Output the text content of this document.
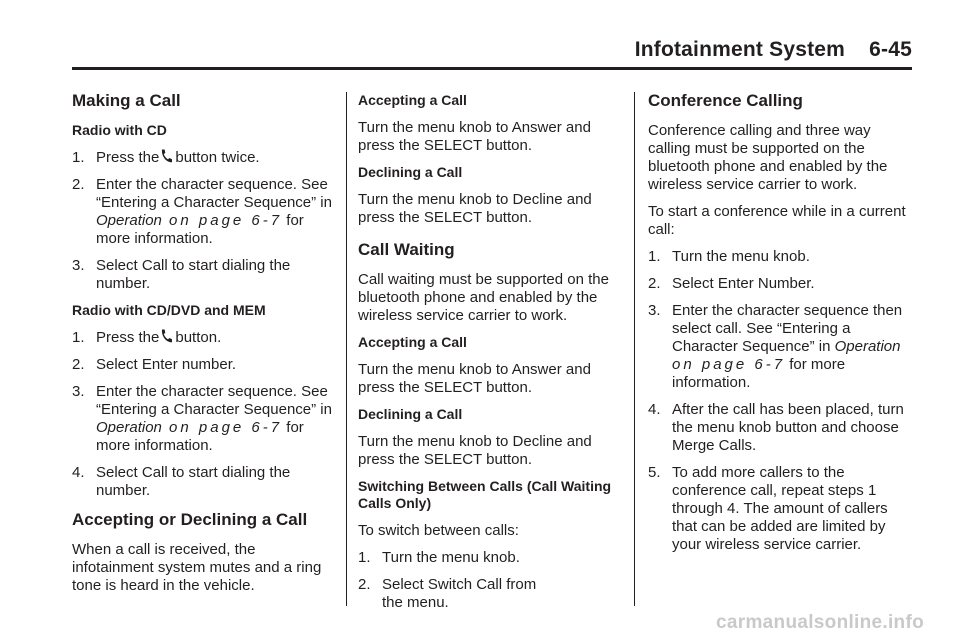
Infotainment System    6-45
Making a Call
Radio with CD
1. Press the button twice.
2. Enter the character sequence. See “Entering a Character Sequence” in Operation on page 6‑7 for more information.
3. Select Call to start dialing the number.
Radio with CD/DVD and MEM
1. Press the button.
2. Select Enter number.
3. Enter the character sequence. See “Entering a Character Sequence” in Operation on page 6‑7 for more information.
4. Select Call to start dialing the number.
Accepting or Declining a Call

When a call is received, the infotainment system mutes and a ring tone is heard in the vehicle.

Accepting a Call

Turn the menu knob to Answer and press the SELECT button.

Declining a Call

Turn the menu knob to Decline and press the SELECT button.

Call Waiting

Call waiting must be supported on the bluetooth phone and enabled by the wireless service carrier to work.

Accepting a Call

Turn the menu knob to Answer and press the SELECT button.

Declining a Call

Turn the menu knob to Decline and press the SELECT button.

Switching Between Calls (Call Waiting Calls Only)

To switch between calls:

1. Turn the menu knob.
2. Select Switch Call from the menu.
Conference Calling

Conference calling and three way calling must be supported on the bluetooth phone and enabled by the wireless service carrier to work.

To start a conference while in a current call:

1. Turn the menu knob.
2. Select Enter Number.
3. Enter the character sequence then select call. See “Entering a Character Sequence” in Operation on page 6‑7 for more information.
4. After the call has been placed, turn the menu knob button and choose Merge Calls.
5. To add more callers to the conference call, repeat steps 1 through 4. The amount of callers that can be added are limited by your wireless service carrier.
carmanualsonline.info
